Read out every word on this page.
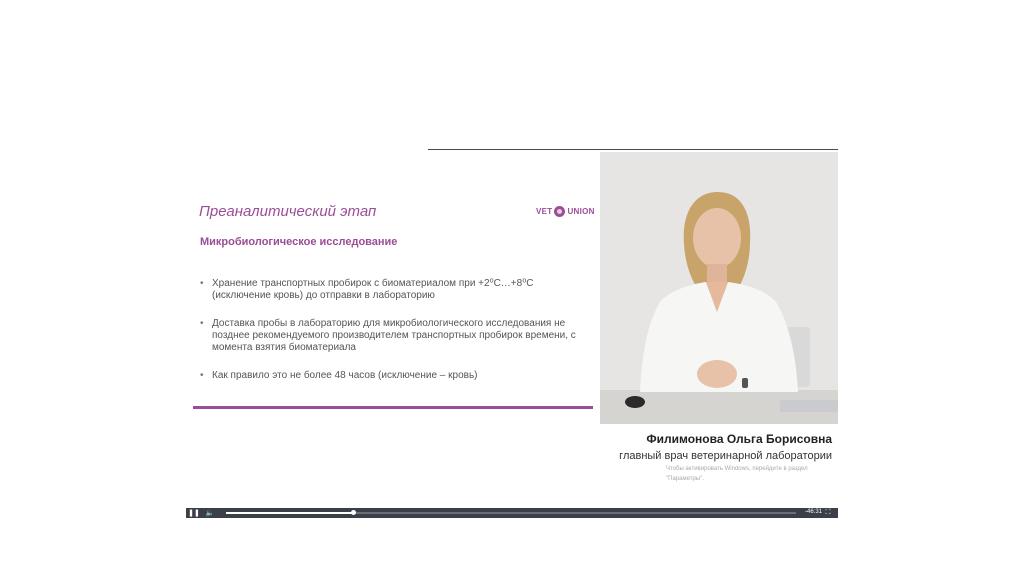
Преаналитический этап	VET UNION
Микробиологическое исследование
• Хранение транспортных пробирок с биоматериалом при +2⁰С…+8⁰С (исключение кровь) до отправки в лабораторию
• Доставка пробы в лабораторию для микробиологического исследования не позднее рекомендуемого производителем транспортных пробирок времени, с момента взятия биоматериала
• Как правило это не более 48 часов (исключение – кровь)
Филимонова Ольга Борисовна
главный врач ветеринарной лаборатории
Чтобы активировать Windows, перейдите в раздел "Параметры".
❚❚ 🔈	-46:31 ⛶
